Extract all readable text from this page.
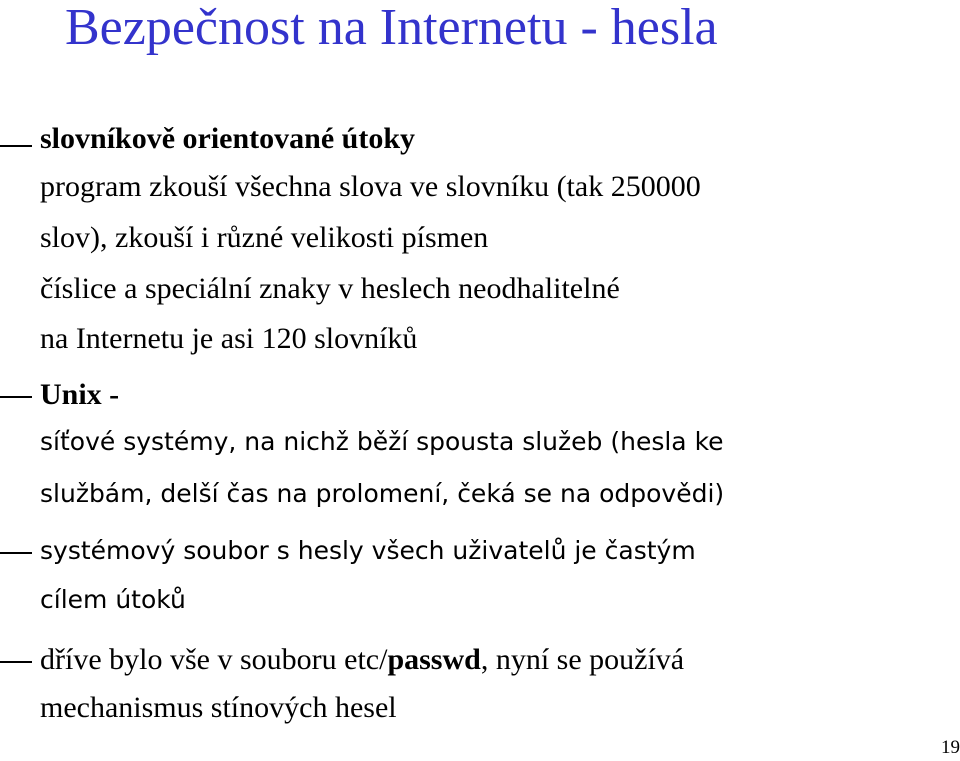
Bezpečnost na Internetu - hesla
slovníkově orientované útoky
program zkouší všechna slova ve slovníku (tak 250000
slov), zkouší i různé velikosti písmen
číslice a speciální znaky v heslech neodhalitelné
na Internetu je asi 120 slovníků
Unix -
síťové systémy, na nichž běží spousta služeb (hesla ke
službám, delší čas na prolomení, čeká se na odpovědi)
systémový soubor s hesly všech uživatelů je častým
cílem útoků
dříve bylo vše v souboru etc/passwd, nyní se používá
mechanismus stínových hesel
19
